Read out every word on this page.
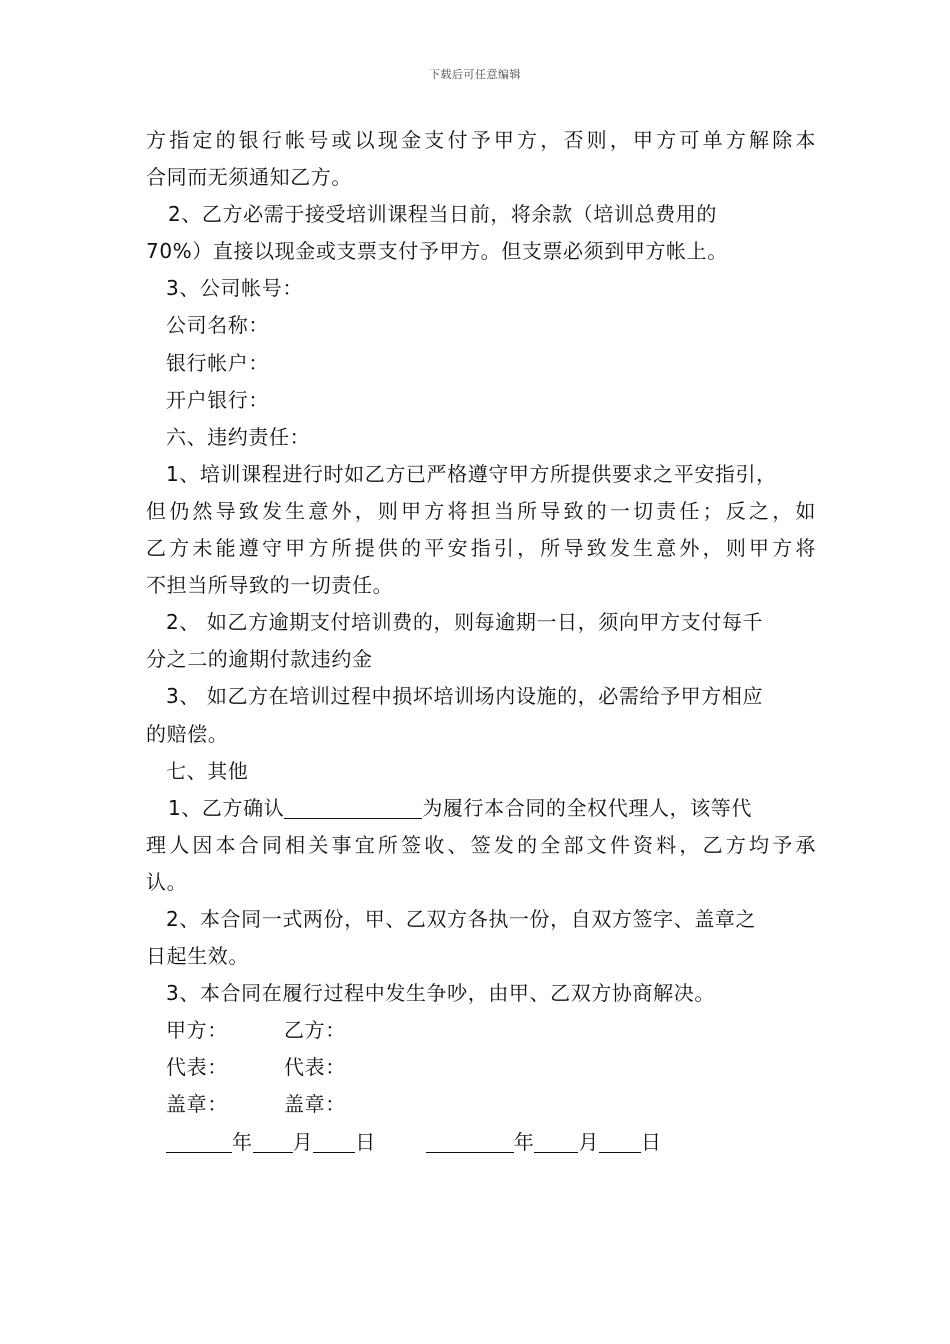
下载后可任意编辑
方指定的银行帐号或以现金支付予甲方，否则，甲方可单方解除本
合同而无须通知乙方。
2、乙方必需于接受培训课程当日前，将余款（培训总费用的
70%）直接以现金或支票支付予甲方。但支票必须到甲方帐上。
3、公司帐号：
公司名称：
银行帐户：
开户银行：
六、违约责任：
1、培训课程进行时如乙方已严格遵守甲方所提供要求之平安指引，
但仍然导致发生意外，则甲方将担当所导致的一切责任；反之，如
乙方未能遵守甲方所提供的平安指引，所导致发生意外，则甲方将
不担当所导致的一切责任。
2、 如乙方逾期支付培训费的，则每逾期一日，须向甲方支付每千
分之二的逾期付款违约金
3、 如乙方在培训过程中损坏培训场内设施的，必需给予甲方相应
的赔偿。
七、其他
1、乙方确认	为履行本合同的全权代理人，该等代
理人因本合同相关事宜所签收、签发的全部文件资料，乙方均予承
认。
2、本合同一式两份，甲、乙双方各执一份，自双方签字、盖章之
日起生效。
3、本合同在履行过程中发生争吵，由甲、乙双方协商解决。
甲方：	乙方：
代表：	代表：
盖章：	盖章：
年 月 日	年 月 日
